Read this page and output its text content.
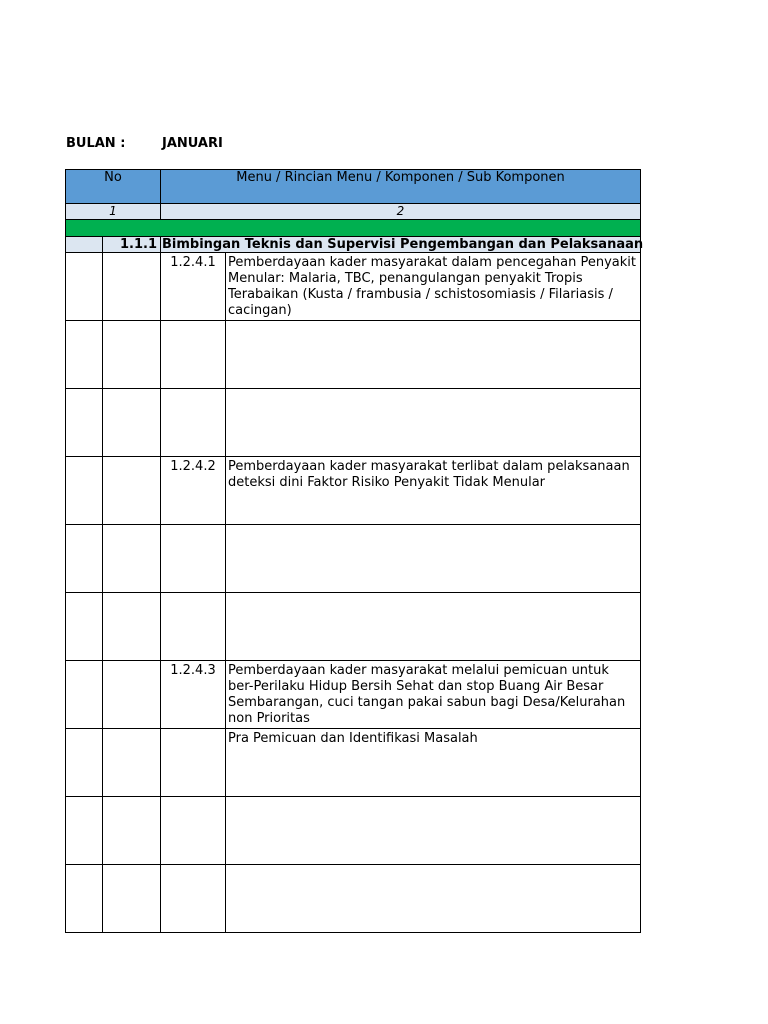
BULAN :	JANUARI
No		Menu / Rincian Menu / Komponen / Sub Komponen	
1		2	

	1.1.1	Bimbingan Teknis dan Supervisi Pengembangan dan Pelaksanaan	
		1.2.4.1	Pemberdayaan kader masyarakat dalam pencegahan Penyakit Menular: Malaria, TBC, penangulangan penyakit Tropis Terabaikan (Kusta / frambusia / schistosomiasis / Filariasis / cacingan)

		1.2.4.2	Pemberdayaan kader masyarakat terlibat dalam pelaksanaan deteksi dini Faktor Risiko Penyakit Tidak Menular

		1.2.4.3	Pemberdayaan kader masyarakat melalui pemicuan untuk ber-Perilaku Hidup Bersih Sehat dan stop Buang Air Besar Sembarangan, cuci tangan pakai sabun bagi Desa/Kelurahan non Prioritas
			Pra Pemicuan dan Identifikasi Masalah
